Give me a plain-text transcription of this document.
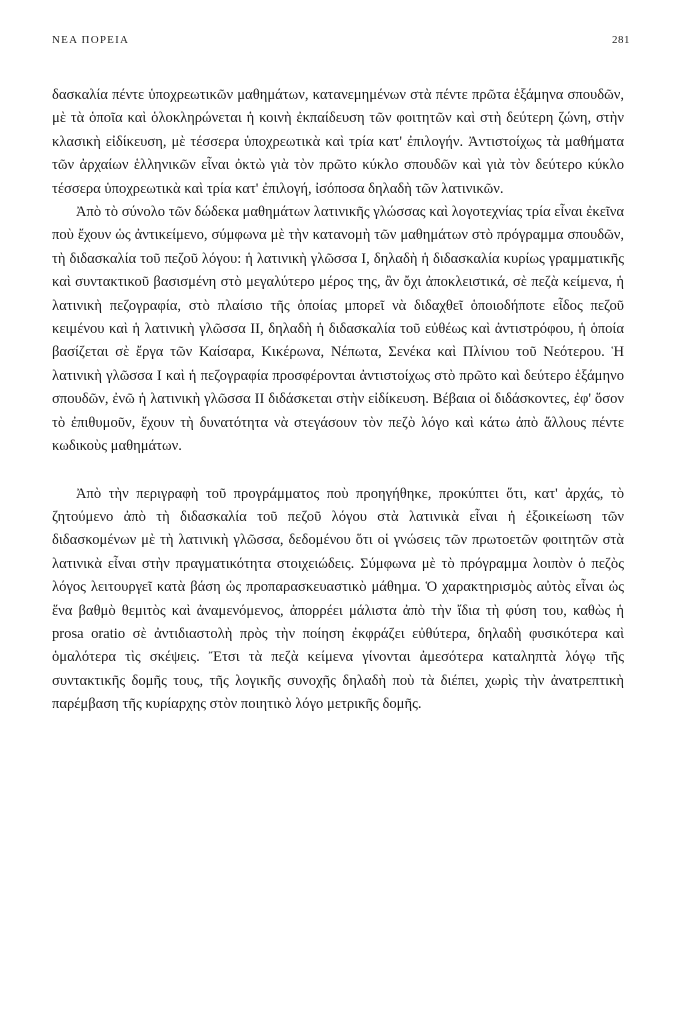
ΝΕΑ ΠΟΡΕΙΑ	281

δασκαλία πέντε ὑποχρεωτικῶν μαθημάτων, κατανεμημένων στὰ πέντε πρῶτα ἑξάμηνα σπουδῶν, μὲ τὰ ὁποῖα καὶ ὁλοκληρώνεται ἡ κοινὴ ἐκπαίδευση τῶν φοιτητῶν καὶ στὴ δεύτερη ζώνη, στὴν κλασικὴ εἰδίκευση, μὲ τέσσερα ὑποχρεωτικὰ καὶ τρία κατ' ἐπιλογήν. Ἀντιστοίχως τὰ μαθήματα τῶν ἀρχαίων ἑλληνικῶν εἶναι ὀκτὼ γιὰ τὸν πρῶτο κύκλο σπουδῶν καὶ γιὰ τὸν δεύτερο κύκλο τέσσερα ὑποχρεωτικὰ καὶ τρία κατ' ἐπιλογή, ἰσόποσα δηλαδὴ τῶν λατινικῶν.

Ἀπὸ τὸ σύνολο τῶν δώδεκα μαθημάτων λατινικῆς γλώσσας καὶ λογοτεχνίας τρία εἶναι ἐκεῖνα ποὺ ἔχουν ὡς ἀντικείμενο, σύμφωνα μὲ τὴν κατανομὴ τῶν μαθημάτων στὸ πρόγραμμα σπουδῶν, τὴ διδασκαλία τοῦ πεζοῦ λόγου: ἡ λατινικὴ γλῶσσα Ι, δηλαδὴ ἡ διδασκαλία κυρίως γραμματικῆς καὶ συντακτικοῦ βασισμένη στὸ μεγαλύτερο μέρος της, ἂν ὄχι ἀποκλειστικά, σὲ πεζὰ κείμενα, ἡ λατινικὴ πεζογραφία, στὸ πλαίσιο τῆς ὁποίας μπορεῖ νὰ διδαχθεῖ ὁποιοδήποτε εἶδος πεζοῦ κειμένου καὶ ἡ λατινικὴ γλῶσσα ΙΙ, δηλαδὴ ἡ διδασκαλία τοῦ εὐθέως καὶ ἀντιστρόφου, ἡ ὁποία βασίζεται σὲ ἔργα τῶν Καίσαρα, Κικέρωνα, Νέπωτα, Σενέκα καὶ Πλίνιου τοῦ Νεότερου. Ἡ λατινικὴ γλῶσσα Ι καὶ ἡ πεζογραφία προσφέρονται ἀντιστοίχως στὸ πρῶτο καὶ δεύτερο ἑξάμηνο σπουδῶν, ἐνῶ ἡ λατινικὴ γλῶσσα ΙΙ διδάσκεται στὴν εἰδίκευση. Βέβαια οἱ διδάσκοντες, ἐφ' ὅσον τὸ ἐπιθυμοῦν, ἔχουν τὴ δυνατότητα νὰ στεγάσουν τὸν πεζὸ λόγο καὶ κάτω ἀπὸ ἄλλους πέντε κωδικοὺς μαθημάτων.

Ἀπὸ τὴν περιγραφὴ τοῦ προγράμματος ποὺ προηγήθηκε, προκύπτει ὅτι, κατ' ἀρχάς, τὸ ζητούμενο ἀπὸ τὴ διδασκαλία τοῦ πεζοῦ λόγου στὰ λατινικὰ εἶναι ἡ ἐξοικείωση τῶν διδασκομένων μὲ τὴ λατινικὴ γλῶσσα, δεδομένου ὅτι οἱ γνώσεις τῶν πρωτοετῶν φοιτητῶν στὰ λατινικὰ εἶναι στὴν πραγματικότητα στοιχειώδεις. Σύμφωνα μὲ τὸ πρόγραμμα λοιπὸν ὁ πεζὸς λόγος λειτουργεῖ κατὰ βάση ὡς προπαρασκευαστικὸ μάθημα. Ὁ χαρακτηρισμὸς αὐτὸς εἶναι ὡς ἕνα βαθμὸ θεμιτὸς καὶ ἀναμενόμενος, ἀπορρέει μάλιστα ἀπὸ τὴν ἴδια τὴ φύση του, καθὼς ἡ prosa oratio σὲ ἀντιδιαστολὴ πρὸς τὴν ποίηση ἐκφράζει εὐθύτερα, δηλαδὴ φυσικότερα καὶ ὁμαλότερα τὶς σκέψεις. Ἔτσι τὰ πεζὰ κείμενα γίνονται ἀμεσότερα καταληπτὰ λόγῳ τῆς συντακτικῆς δομῆς τους, τῆς λογικῆς συνοχῆς δηλαδὴ ποὺ τὰ διέπει, χωρὶς τὴν ἀνατρεπτικὴ παρέμβαση τῆς κυρίαρχης στὸν ποιητικὸ λόγο μετρικῆς δομῆς.
